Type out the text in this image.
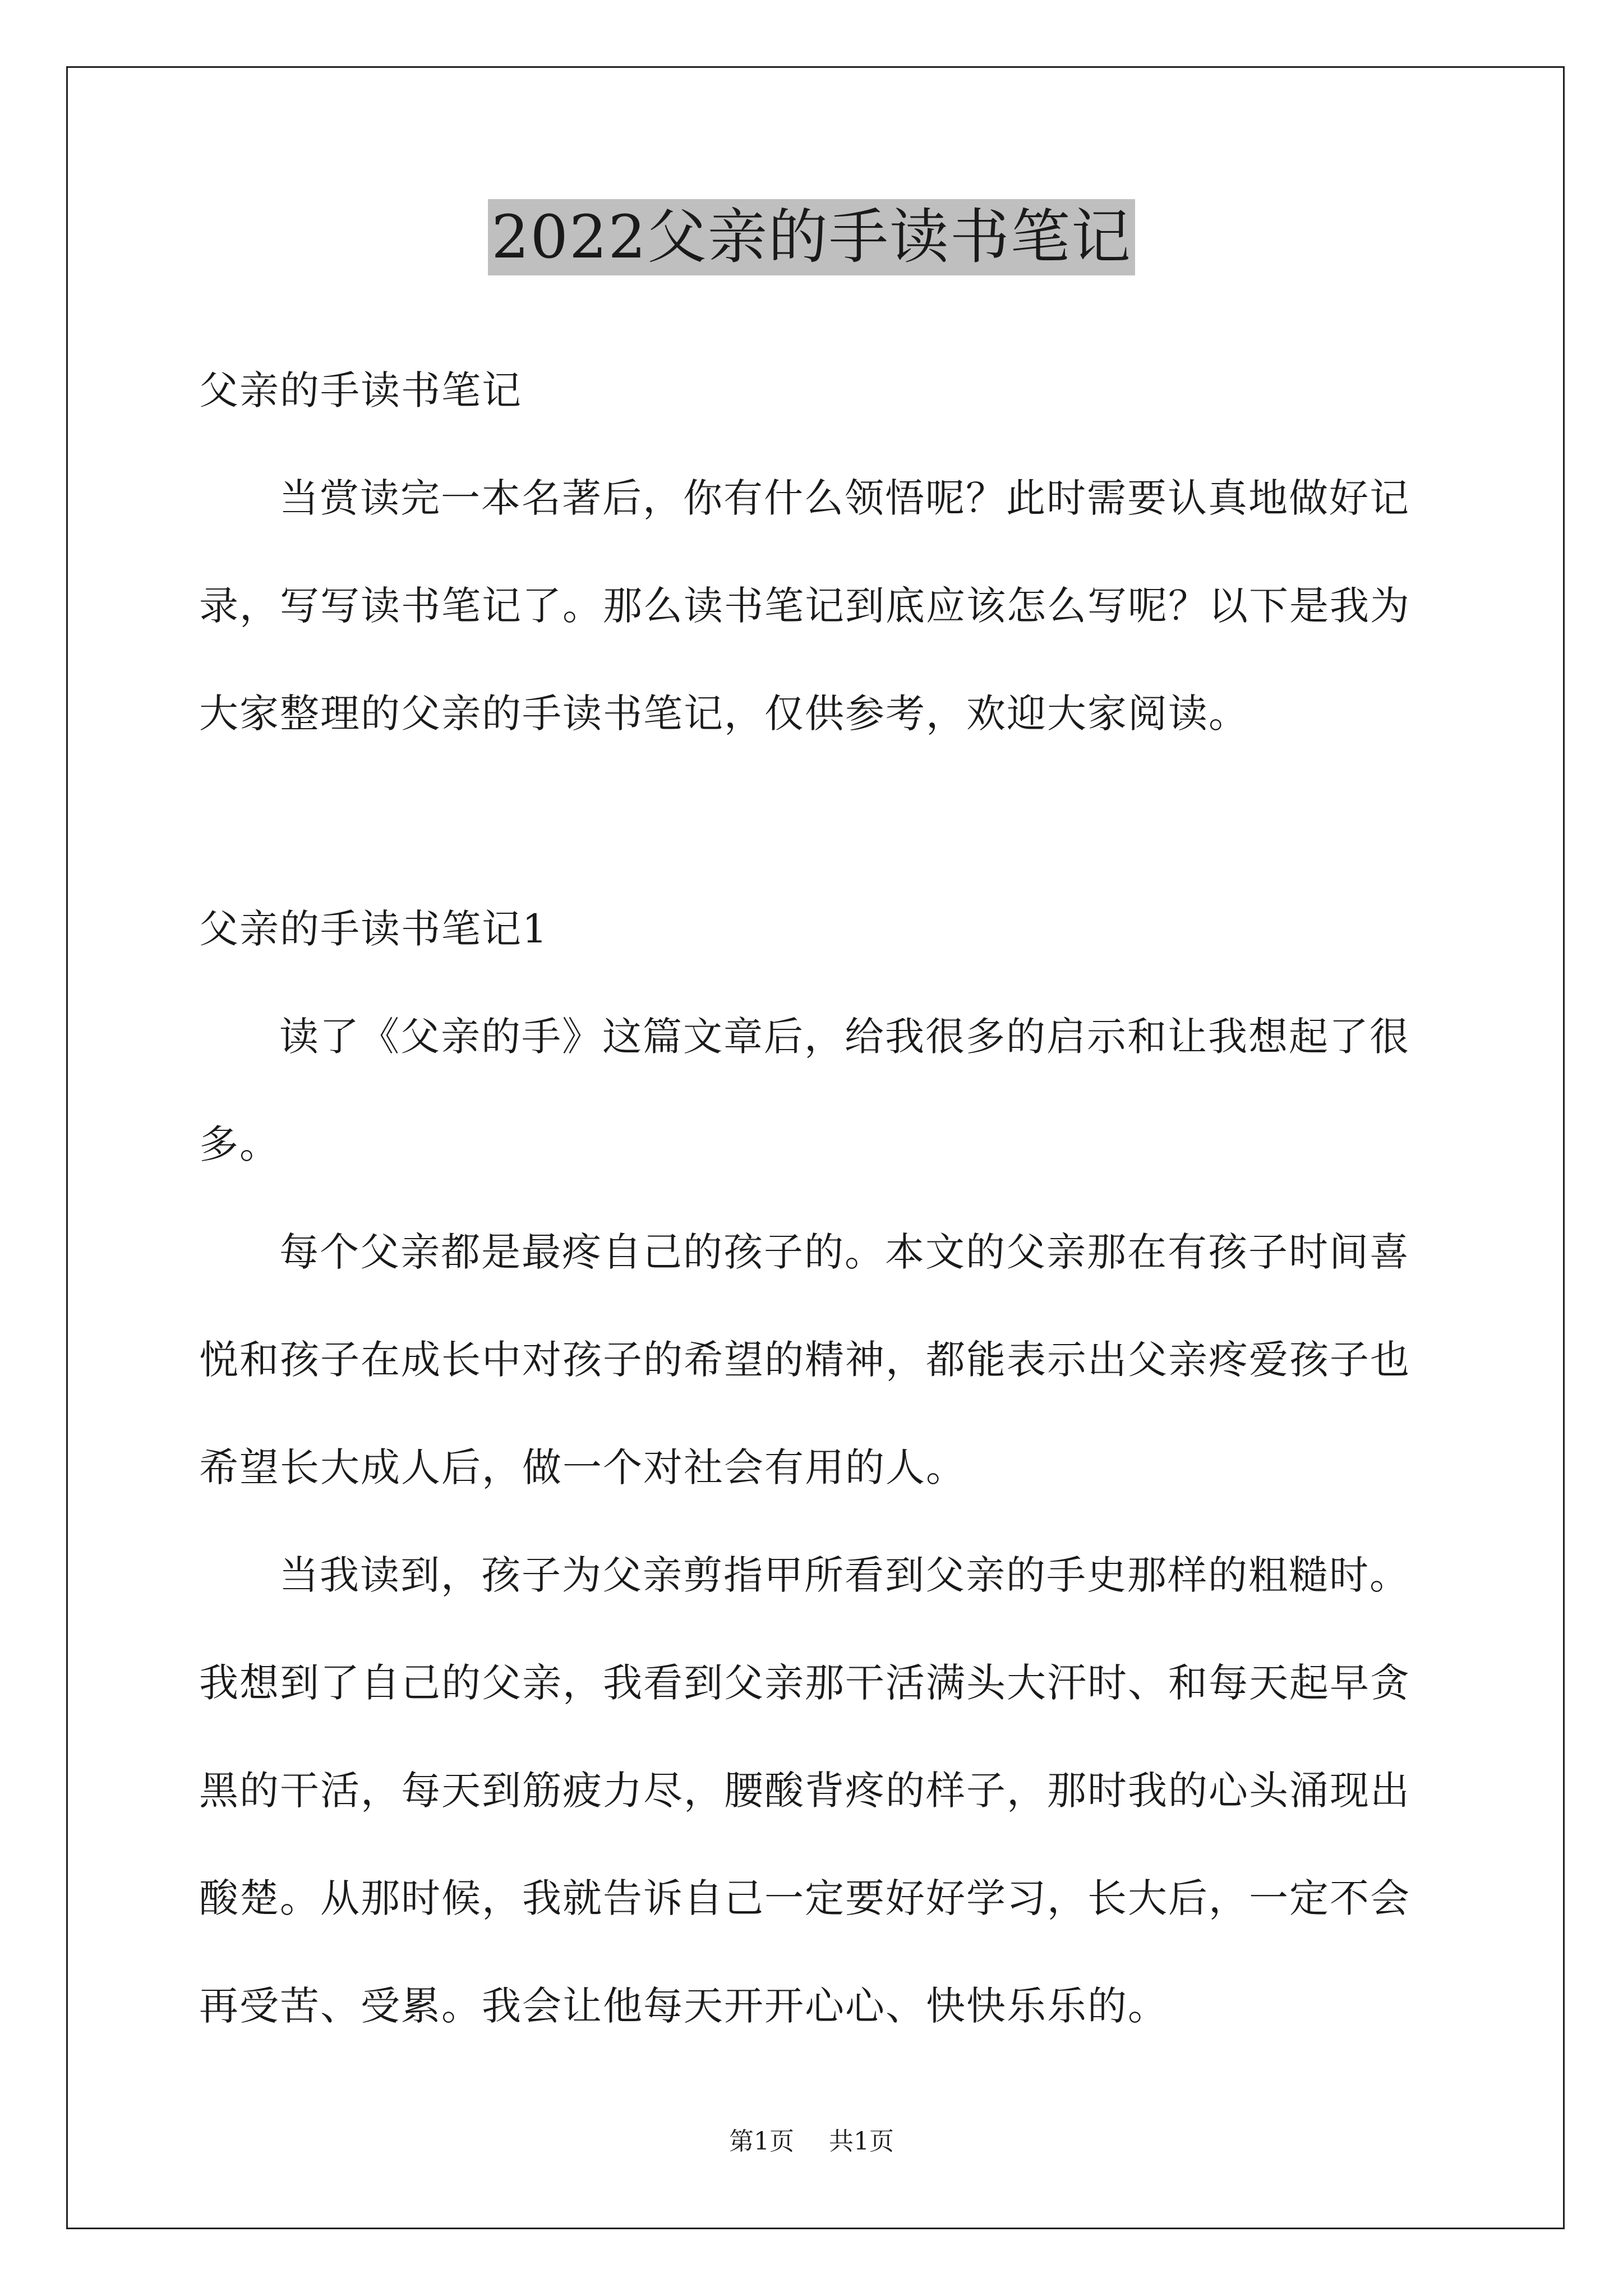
2022父亲的手读书笔记
父亲的手读书笔记
当赏读完一本名著后，你有什么领悟呢？此时需要认真地做好记
录，写写读书笔记了。那么读书笔记到底应该怎么写呢？以下是我为
大家整理的父亲的手读书笔记，仅供参考，欢迎大家阅读。
父亲的手读书笔记1
读了《父亲的手》这篇文章后，给我很多的启示和让我想起了很
多。
每个父亲都是最疼自己的孩子的。本文的父亲那在有孩子时间喜
悦和孩子在成长中对孩子的希望的精神，都能表示出父亲疼爱孩子也
希望长大成人后，做一个对社会有用的人。
当我读到，孩子为父亲剪指甲所看到父亲的手史那样的粗糙时。
我想到了自己的父亲，我看到父亲那干活满头大汗时、和每天起早贪
黑的干活，每天到筋疲力尽，腰酸背疼的样子，那时我的心头涌现出
酸楚。从那时候，我就告诉自己一定要好好学习，长大后，一定不会
再受苦、受累。我会让他每天开开心心、快快乐乐的。
第1页 共1页
